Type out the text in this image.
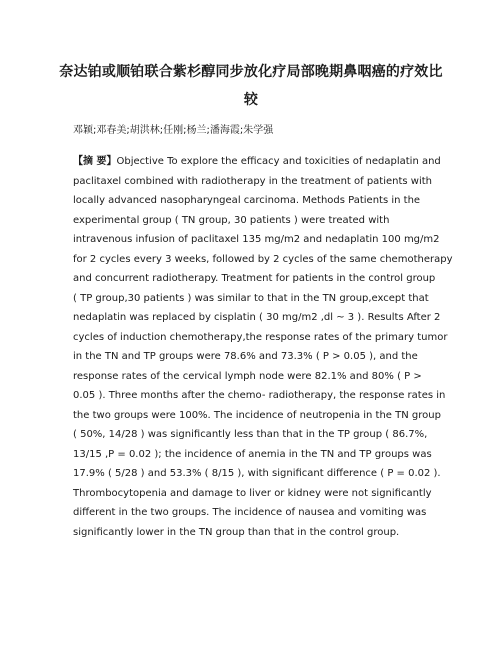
奈达铂或顺铂联合紫杉醇同步放化疗局部晚期鼻咽癌的疗效比
较

邓颖;邓春美;胡洪林;任刚;杨兰;潘海霞;朱学强

【摘 要】Objective To explore the efficacy and toxicities of nedaplatin and
paclitaxel combined with radiotherapy in the treatment of patients with
locally advanced nasopharyngeal carcinoma. Methods Patients in the
experimental group ( TN group, 30 patients ) were treated with
intravenous infusion of paclitaxel 135 mg/m2 and nedaplatin 100 mg/m2
for 2 cycles every 3 weeks, followed by 2 cycles of the same chemotherapy
and concurrent radiotherapy. Treatment for patients in the control group
( TP group,30 patients ) was similar to that in the TN group,except that
nedaplatin was replaced by cisplatin ( 30 mg/m2 ,dl ~ 3 ). Results After 2
cycles of induction chemotherapy,the response rates of the primary tumor
in the TN and TP groups were 78.6% and 73.3% ( P > 0.05 ), and the
response rates of the cervical lymph node were 82.1% and 80% ( P >
0.05 ). Three months after the chemo- radiotherapy, the response rates in
the two groups were 100%. The incidence of neutropenia in the TN group
( 50%, 14/28 ) was significantly less than that in the TP group ( 86.7%,
13/15 ,P = 0.02 ); the incidence of anemia in the TN and TP groups was
17.9% ( 5/28 ) and 53.3% ( 8/15 ), with significant difference ( P = 0.02 ).
Thrombocytopenia and damage to liver or kidney were not significantly
different in the two groups. The incidence of nausea and vomiting was
significantly lower in the TN group than that in the control group.
